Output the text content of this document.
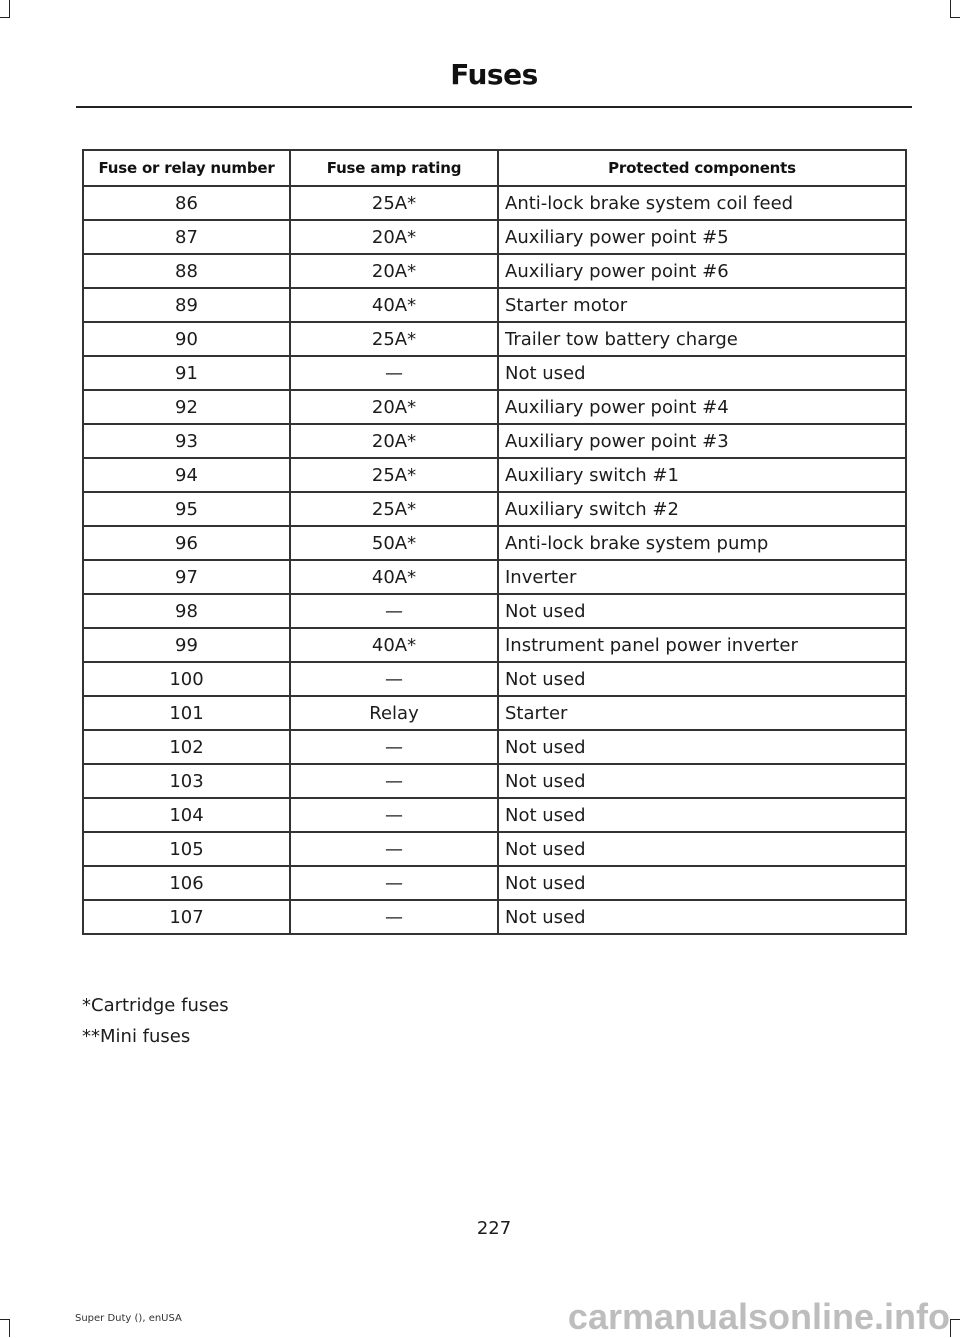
Fuses
Fuse or relay number	Fuse amp rating	Protected components
86	25A*	Anti-lock brake system coil feed
87	20A*	Auxiliary power point #5
88	20A*	Auxiliary power point #6
89	40A*	Starter motor
90	25A*	Trailer tow battery charge
91	—	Not used
92	20A*	Auxiliary power point #4
93	20A*	Auxiliary power point #3
94	25A*	Auxiliary switch #1
95	25A*	Auxiliary switch #2
96	50A*	Anti-lock brake system pump
97	40A*	Inverter
98	—	Not used
99	40A*	Instrument panel power inverter
100	—	Not used
101	Relay	Starter
102	—	Not used
103	—	Not used
104	—	Not used
105	—	Not used
106	—	Not used
107	—	Not used
*Cartridge fuses
**Mini fuses
227
Super Duty (), enUSA	carmanualsonline.info
